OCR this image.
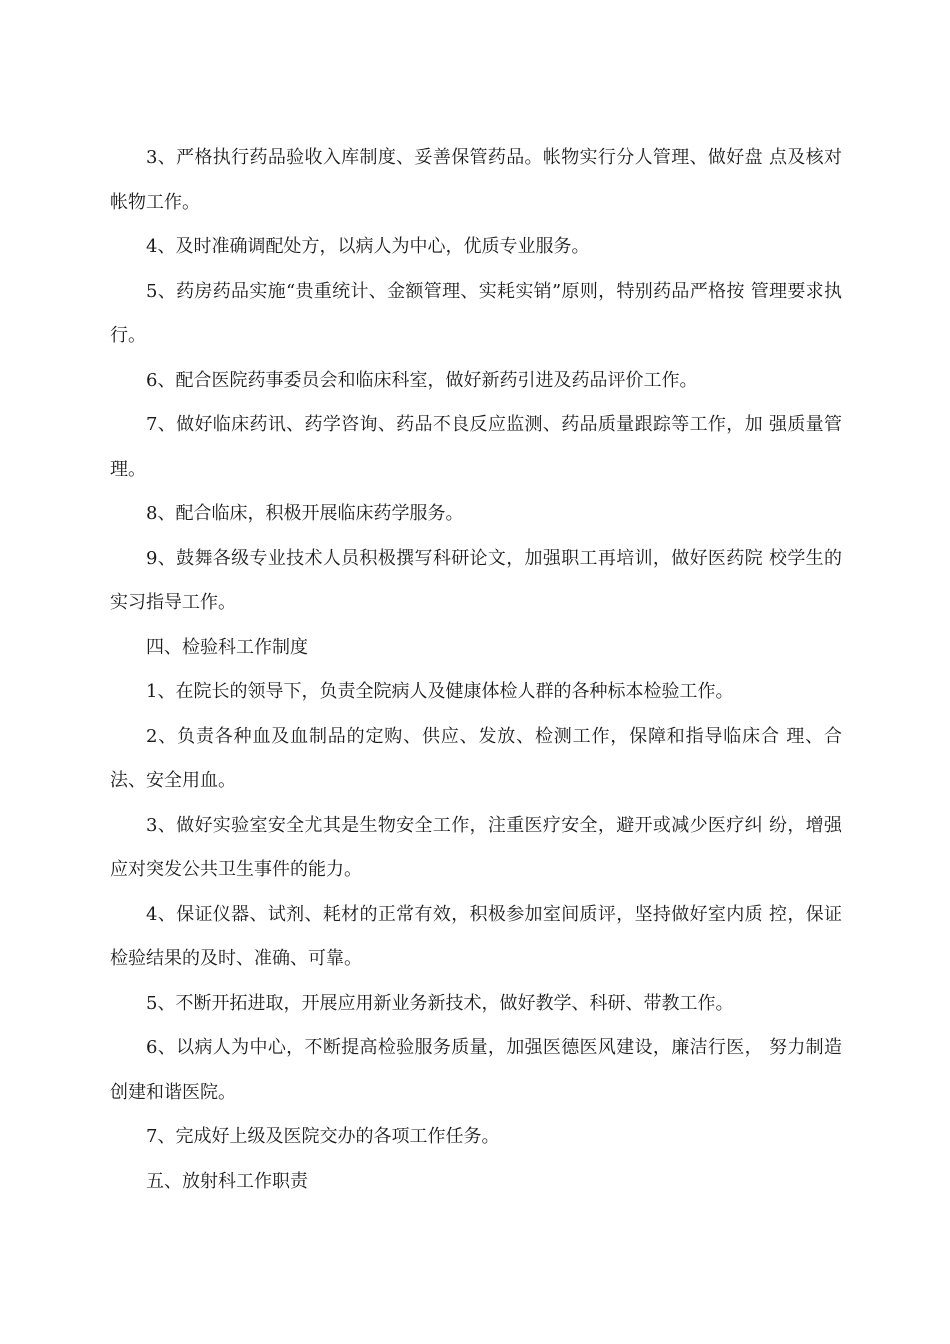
3、严格执行药品验收入库制度、妥善保管药品。帐物实行分人管理、做好盘 点及核对帐物工作。

4、及时准确调配处方，以病人为中心，优质专业服务。

5、药房药品实施“贵重统计、金额管理、实耗实销”原则，特别药品严格按 管理要求执行。

6、配合医院药事委员会和临床科室，做好新药引进及药品评价工作。

7、做好临床药讯、药学咨询、药品不良反应监测、药品质量跟踪等工作，加 强质量管理。

8、配合临床，积极开展临床药学服务。

9、鼓舞各级专业技术人员积极撰写科研论文，加强职工再培训，做好医药院 校学生的实习指导工作。

四、检验科工作制度

1、在院长的领导下，负责全院病人及健康体检人群的各种标本检验工作。

2、负责各种血及血制品的定购、供应、发放、检测工作，保障和指导临床合 理、合法、安全用血。

3、做好实验室安全尤其是生物安全工作，注重医疗安全，避开或减少医疗纠 纷，增强应对突发公共卫生事件的能力。

4、保证仪器、试剂、耗材的正常有效，积极参加室间质评，坚持做好室内质 控，保证检验结果的及时、准确、可靠。

5、不断开拓进取，开展应用新业务新技术，做好教学、科研、带教工作。

6、以病人为中心，不断提高检验服务质量，加强医德医风建设，廉洁行医， 努力制造创建和谐医院。

7、完成好上级及医院交办的各项工作任务。

五、放射科工作职责
